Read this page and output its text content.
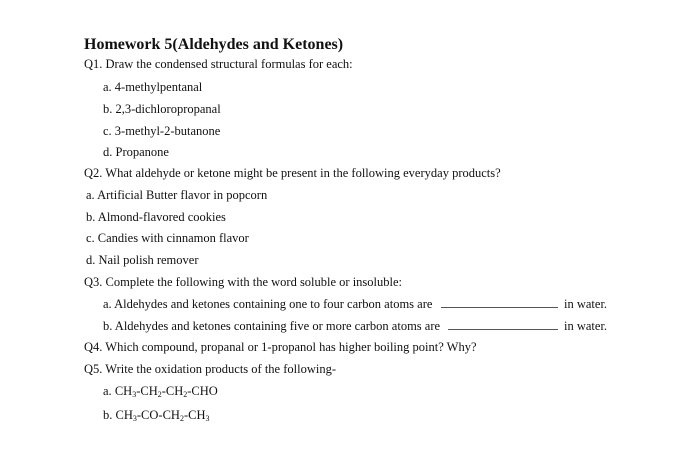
Homework 5(Aldehydes and Ketones)
Q1. Draw the condensed structural formulas for each:
a. 4-methylpentanal
b. 2,3-dichloropropanal
c. 3-methyl-2-butanone
d. Propanone
Q2. What aldehyde or ketone might be present in the following everyday products?
a. Artificial Butter flavor in popcorn
b. Almond-flavored cookies
c. Candies with cinnamon flavor
d. Nail polish remover
Q3. Complete the following with the word soluble or insoluble:
a. Aldehydes and ketones containing one to four carbon atoms are	in water.
b. Aldehydes and ketones containing five or more carbon atoms are	in water.
Q4. Which compound, propanal or 1-propanol has higher boiling point? Why?
Q5. Write the oxidation products of the following-
a. $CH_3-CH_2-CH_2$-CHO
b. $CH_3-CO-CH_2-CH_3$
